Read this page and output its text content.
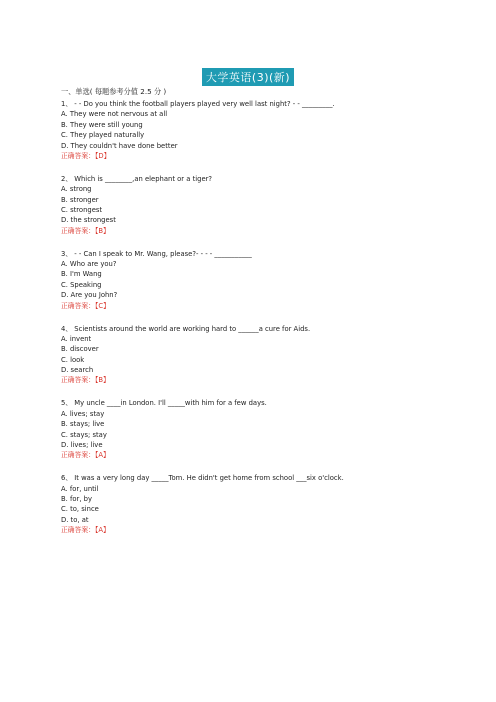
大学英语(3)(新)
一、单选( 每题参考分值 2.5 分 )
1、 - - Do you think the football players played very well last night? - - _________.
A. They were not nervous at all
B. They were still young
C. They played naturally
D. They couldn't have done better
正确答案：【D】
2、 Which is ________,an elephant or a tiger?
A. strong
B. stronger
C. strongest
D. the strongest
正确答案：【B】
3、 - - Can I speak to Mr. Wang, please?- - - - ___________
A. Who are you?
B. I'm Wang
C. Speaking
D. Are you John?
正确答案：【C】
4、 Scientists around the world are working hard to ______a cure for Aids.
A. invent
B. discover
C. look
D. search
正确答案：【B】
5、 My uncle ____in London. I'll _____with him for a few days.
A. lives; stay
B. stays; live
C. stays; stay
D. lives; live
正确答案：【A】
6、 It was a very long day _____Tom. He didn't get home from school ___six o'clock.
A. for, until
B. for, by
C. to, since
D. to, at
正确答案：【A】
